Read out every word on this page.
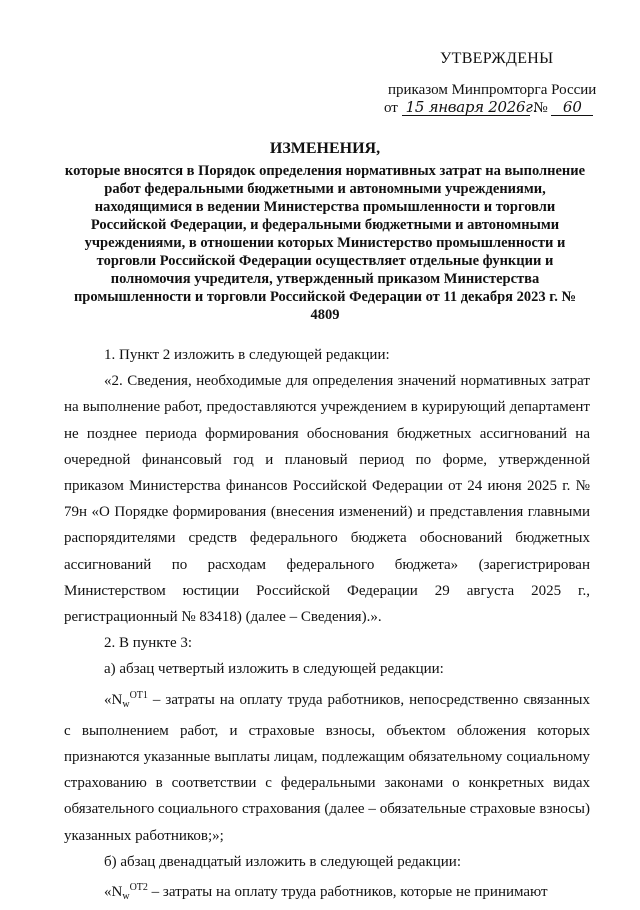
УТВЕРЖДЕНЫ
приказом Минпромторга России
от 15 января 2026г. № 60

ИЗМЕНЕНИЯ,

которые вносятся в Порядок определения нормативных затрат на выполнение работ федеральными бюджетными и автономными учреждениями, находящимися в ведении Министерства промышленности и торговли Российской Федерации, и федеральными бюджетными и автономными учреждениями, в отношении которых Министерство промышленности и торговли Российской Федерации осуществляет отдельные функции и полномочия учредителя, утвержденный приказом Министерства промышленности и торговли Российской Федерации от 11 декабря 2023 г. № 4809

1. Пункт 2 изложить в следующей редакции:

«2. Сведения, необходимые для определения значений нормативных затрат на выполнение работ, предоставляются учреждением в курирующий департамент не позднее периода формирования обоснования бюджетных ассигнований на очередной финансовый год и плановый период по форме, утвержденной приказом Министерства финансов Российской Федерации от 24 июня 2025 г. № 79н «О Порядке формирования (внесения изменений) и представления главными распорядителями средств федерального бюджета обоснований бюджетных ассигнований по расходам федерального бюджета» (зарегистрирован Министерством юстиции Российской Федерации 29 августа 2025 г., регистрационный № 83418) (далее – Сведения).».

2. В пункте 3:

а) абзац четвертый изложить в следующей редакции:

«$N_w^{ОТ1}$ – затраты на оплату труда работников, непосредственно связанных с выполнением работ, и страховые взносы, объектом обложения которых признаются указанные выплаты лицам, подлежащим обязательному социальному страхованию в соответствии с федеральными законами о конкретных видах обязательного социального страхования (далее – обязательные страховые взносы) указанных работников;»;

б) абзац двенадцатый изложить в следующей редакции:

«$N_w^{ОТ2}$ – затраты на оплату труда работников, которые не принимают
